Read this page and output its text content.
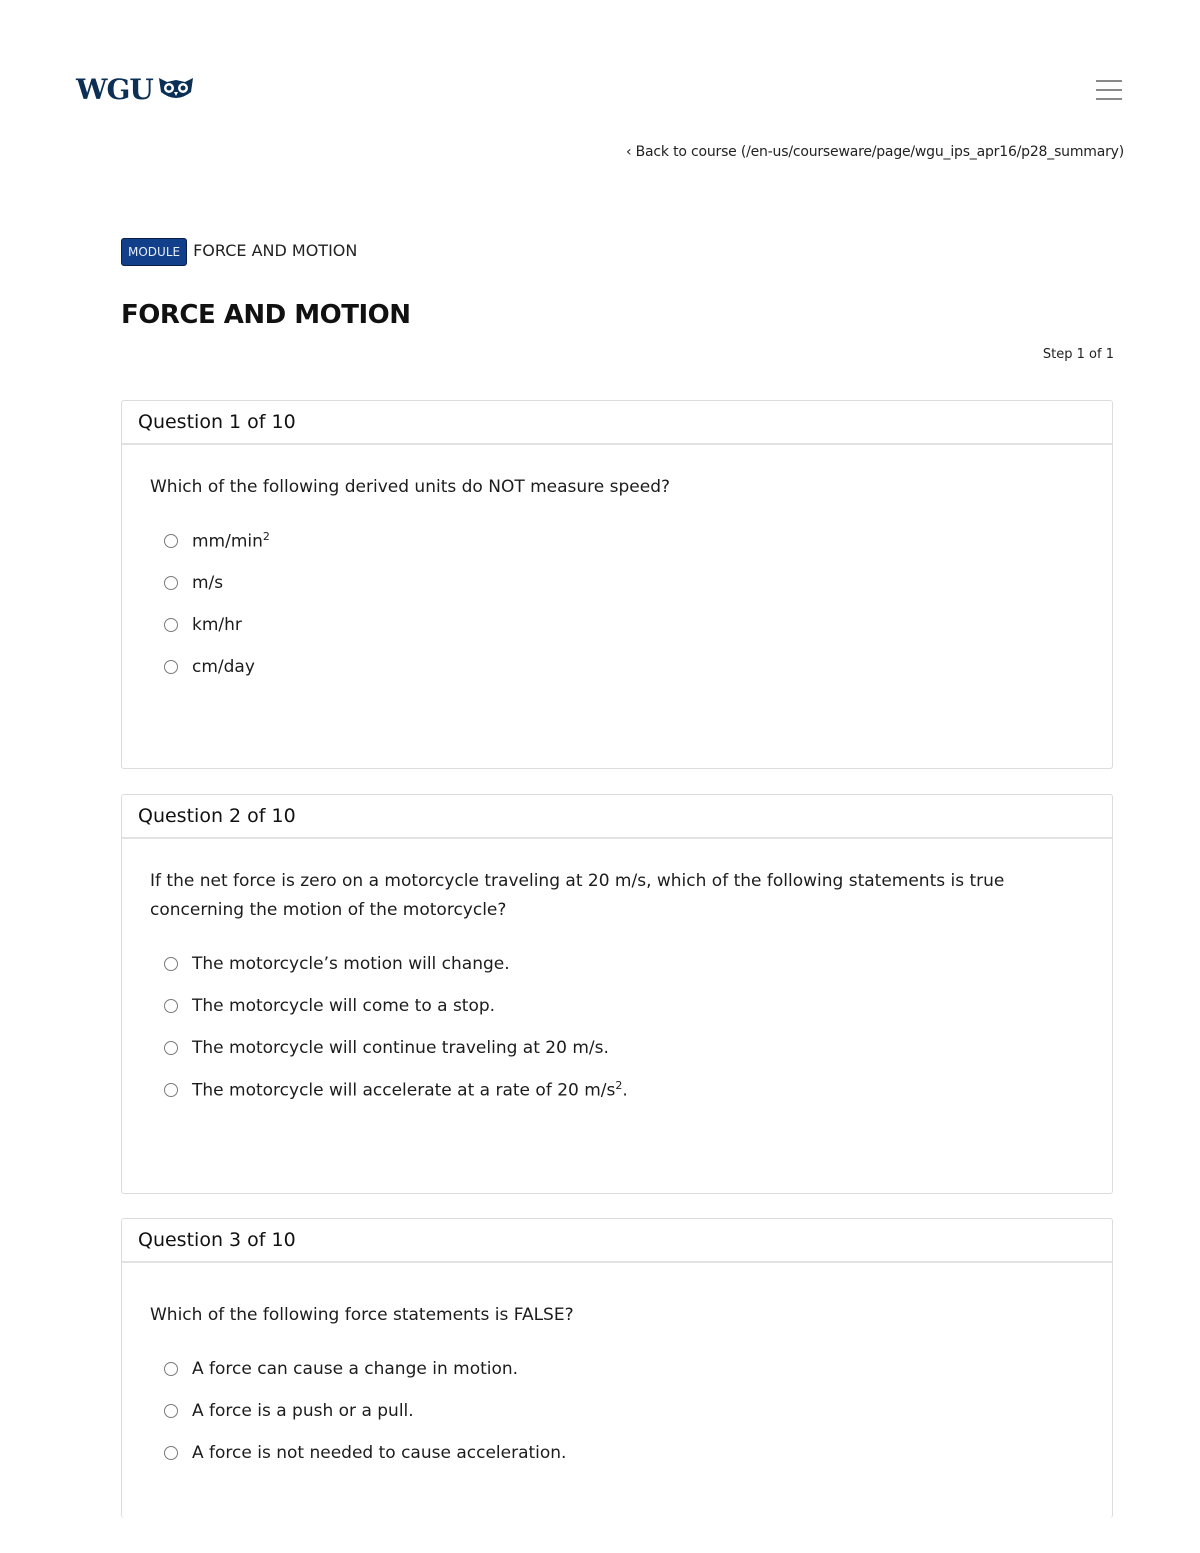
WGU
‹ Back to course (/en-us/courseware/page/wgu_ips_apr16/p28_summary)
MODULE FORCE AND MOTION
FORCE AND MOTION
Step 1 of 1
Question 1 of 10

Which of the following derived units do NOT measure speed?

$mm/\min^2$
m/s
km/hr
cm/day
Question 2 of 10

If the net force is zero on a motorcycle traveling at 20 m/s, which of the following statements is true concerning the motion of the motorcycle?

The motorcycle’s motion will change.
The motorcycle will come to a stop.
The motorcycle will continue traveling at 20 m/s.
The motorcycle will accelerate at a rate of 20 $m/s^2$.
Question 3 of 10

Which of the following force statements is FALSE?

A force can cause a change in motion.
A force is a push or a pull.
A force is not needed to cause acceleration.
